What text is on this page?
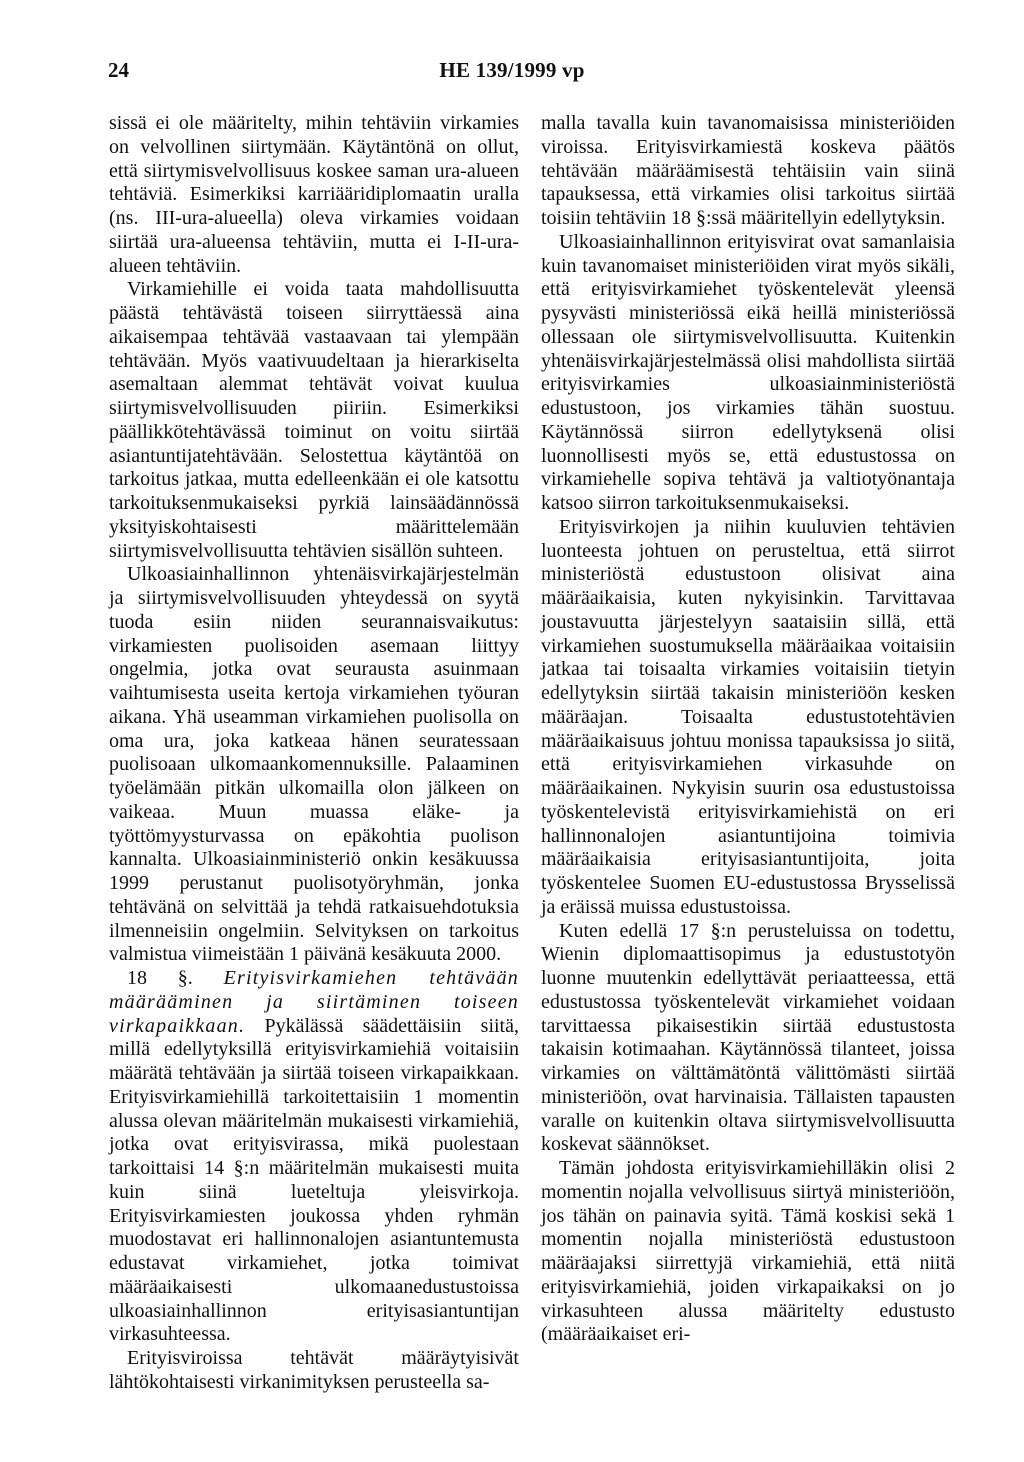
24	HE 139/1999 vp

sissä ei ole määritelty, mihin tehtäviin virkamies on velvollinen siirtymään. Käytäntönä on ollut, että siirtymisvelvollisuus koskee saman ura-alueen tehtäviä. Esimerkiksi karriääridiplomaatin uralla (ns. III-ura-alueella) oleva virkamies voidaan siirtää ura-alueensa tehtäviin, mutta ei I-II-ura-alueen tehtäviin.

Virkamiehille ei voida taata mahdollisuutta päästä tehtävästä toiseen siirryttäessä aina aikaisempaa tehtävää vastaavaan tai ylempään tehtävään. Myös vaativuudeltaan ja hierarkiselta asemaltaan alemmat tehtävät voivat kuulua siirtymisvelvollisuuden piiriin. Esimerkiksi päällikkötehtävässä toiminut on voitu siirtää asiantuntijatehtävään. Selostettua käytäntöä on tarkoitus jatkaa, mutta edelleenkään ei ole katsottu tarkoituksenmukaiseksi pyrkiä lainsäädännössä yksityiskohtaisesti määrittelemään siirtymisvelvollisuutta tehtävien sisällön suhteen.

Ulkoasiainhallinnon yhtenäisvirkajärjestelmän ja siirtymisvelvollisuuden yhteydessä on syytä tuoda esiin niiden seurannaisvaikutus: virkamiesten puolisoiden asemaan liittyy ongelmia, jotka ovat seurausta asuinmaan vaihtumisesta useita kertoja virkamiehen työuran aikana. Yhä useamman virkamiehen puolisolla on oma ura, joka katkeaa hänen seuratessaan puolisoaan ulkomaankomennuksille. Palaaminen työelämään pitkän ulkomailla olon jälkeen on vaikeaa. Muun muassa eläke- ja työttömyysturvassa on epäkohtia puolison kannalta. Ulkoasiainministeriö onkin kesäkuussa 1999 perustanut puolisotyöryhmän, jonka tehtävänä on selvittää ja tehdä ratkaisuehdotuksia ilmenneisiin ongelmiin. Selvityksen on tarkoitus valmistua viimeistään 1 päivänä kesäkuuta 2000.

18 §. Erityisvirkamiehen tehtävään määrääminen ja siirtäminen toiseen virkapaikkaan. Pykälässä säädettäisiin siitä, millä edellytyksillä erityisvirkamiehiä voitaisiin määrätä tehtävään ja siirtää toiseen virkapaikkaan. Erityisvirkamiehillä tarkoitettaisiin 1 momentin alussa olevan määritelmän mukaisesti virkamiehiä, jotka ovat erityisvirassa, mikä puolestaan tarkoittaisi 14 §:n määritelmän mukaisesti muita kuin siinä lueteltuja yleisvirkoja. Erityisvirkamiesten joukossa yhden ryhmän muodostavat eri hallinnonalojen asiantuntemusta edustavat virkamiehet, jotka toimivat määräaikaisesti ulkomaanedustustoissa ulkoasiainhallinnon erityisasiantuntijan virkasuhteessa.

Erityisviroissa tehtävät määräytyisivät lähtökohtaisesti virkanimityksen perusteella sa-

malla tavalla kuin tavanomaisissa ministeriöiden viroissa. Erityisvirkamiestä koskeva päätös tehtävään määräämisestä tehtäisiin vain siinä tapauksessa, että virkamies olisi tarkoitus siirtää toisiin tehtäviin 18 §:ssä määritellyin edellytyksin.

Ulkoasiainhallinnon erityisvirat ovat samanlaisia kuin tavanomaiset ministeriöiden virat myös sikäli, että erityisvirkamiehet työskentelevät yleensä pysyvästi ministeriössä eikä heillä ministeriössä ollessaan ole siirtymisvelvollisuutta. Kuitenkin yhtenäisvirkajärjestelmässä olisi mahdollista siirtää erityisvirkamies ulkoasiainministeriöstä edustustoon, jos virkamies tähän suostuu. Käytännössä siirron edellytyksenä olisi luonnollisesti myös se, että edustustossa on virkamiehelle sopiva tehtävä ja valtiotyönantaja katsoo siirron tarkoituksenmukaiseksi.

Erityisvirkojen ja niihin kuuluvien tehtävien luonteesta johtuen on perusteltua, että siirrot ministeriöstä edustustoon olisivat aina määräaikaisia, kuten nykyisinkin. Tarvittavaa joustavuutta järjestelyyn saataisiin sillä, että virkamiehen suostumuksella määräaikaa voitaisiin jatkaa tai toisaalta virkamies voitaisiin tietyin edellytyksin siirtää takaisin ministeriöön kesken määräajan. Toisaalta edustustotehtävien määräaikaisuus johtuu monissa tapauksissa jo siitä, että erityisvirkamiehen virkasuhde on määräaikainen. Nykyisin suurin osa edustustoissa työskentelevistä erityisvirkamiehistä on eri hallinnonalojen asiantuntijoina toimivia määräaikaisia erityisasiantuntijoita, joita työskentelee Suomen EU-edustustossa Brysselissä ja eräissä muissa edustustoissa.

Kuten edellä 17 §:n perusteluissa on todettu, Wienin diplomaattisopimus ja edustustotyön luonne muutenkin edellyttävät periaatteessa, että edustustossa työskentelevät virkamiehet voidaan tarvittaessa pikaisestikin siirtää edustustosta takaisin kotimaahan. Käytännössä tilanteet, joissa virkamies on välttämätöntä välittömästi siirtää ministeriöön, ovat harvinaisia. Tällaisten tapausten varalle on kuitenkin oltava siirtymisvelvollisuutta koskevat säännökset.

Tämän johdosta erityisvirkamiehilläkin olisi 2 momentin nojalla velvollisuus siirtyä ministeriöön, jos tähän on painavia syitä. Tämä koskisi sekä 1 momentin nojalla ministeriöstä edustustoon määräajaksi siirrettyjä virkamiehiä, että niitä erityisvirkamiehiä, joiden virkapaikaksi on jo virkasuhteen alussa määritelty edustusto (määräaikaiset eri-
